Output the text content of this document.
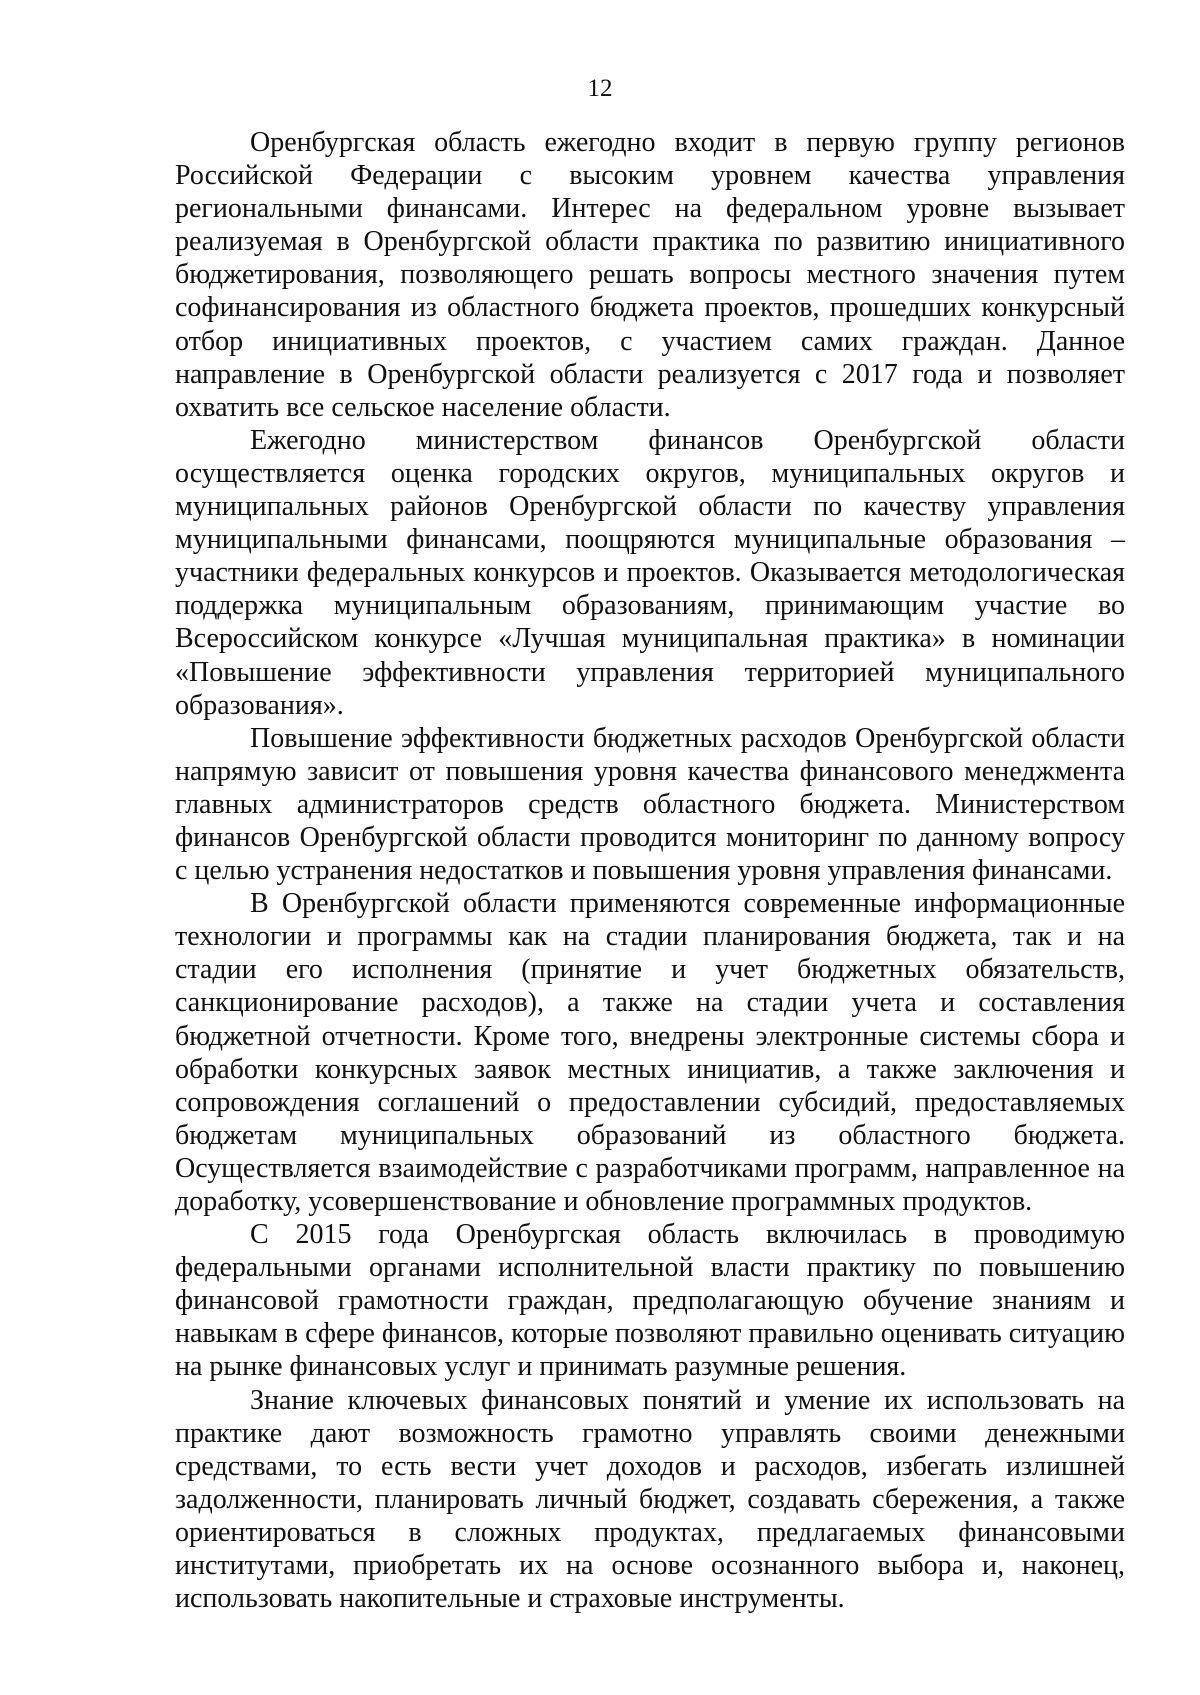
12

Оренбургская область ежегодно входит в первую группу регионов Российской Федерации с высоким уровнем качества управления региональными финансами. Интерес на федеральном уровне вызывает реализуемая в Оренбургской области практика по развитию инициативного бюджетирования, позволяющего решать вопросы местного значения путем софинансирования из областного бюджета проектов, прошедших конкурсный отбор инициативных проектов, с участием самих граждан. Данное направление в Оренбургской области реализуется с 2017 года и позволяет охватить все сельское население области.

Ежегодно министерством финансов Оренбургской области осуществляется оценка городских округов, муниципальных округов и муниципальных районов Оренбургской области по качеству управления муниципальными финансами, поощряются муниципальные образования – участники федеральных конкурсов и проектов. Оказывается методологическая поддержка муниципальным образованиям, принимающим участие во Всероссийском конкурсе «Лучшая муниципальная практика» в номинации «Повышение эффективности управления территорией муниципального образования».

Повышение эффективности бюджетных расходов Оренбургской области напрямую зависит от повышения уровня качества финансового менеджмента главных администраторов средств областного бюджета. Министерством финансов Оренбургской области проводится мониторинг по данному вопросу с целью устранения недостатков и повышения уровня управления финансами.

В Оренбургской области применяются современные информационные технологии и программы как на стадии планирования бюджета, так и на стадии его исполнения (принятие и учет бюджетных обязательств, санкционирование расходов), а также на стадии учета и составления бюджетной отчетности. Кроме того, внедрены электронные системы сбора и обработки конкурсных заявок местных инициатив, а также заключения и сопровождения соглашений о предоставлении субсидий, предоставляемых бюджетам муниципальных образований из областного бюджета. Осуществляется взаимодействие с разработчиками программ, направленное на доработку, усовершенствование и обновление программных продуктов.

С 2015 года Оренбургская область включилась в проводимую федеральными органами исполнительной власти практику по повышению финансовой грамотности граждан, предполагающую обучение знаниям и навыкам в сфере финансов, которые позволяют правильно оценивать ситуацию на рынке финансовых услуг и принимать разумные решения.

Знание ключевых финансовых понятий и умение их использовать на практике дают возможность грамотно управлять своими денежными средствами, то есть вести учет доходов и расходов, избегать излишней задолженности, планировать личный бюджет, создавать сбережения, а также ориентироваться в сложных продуктах, предлагаемых финансовыми институтами, приобретать их на основе осознанного выбора и, наконец, использовать накопительные и страховые инструменты.
